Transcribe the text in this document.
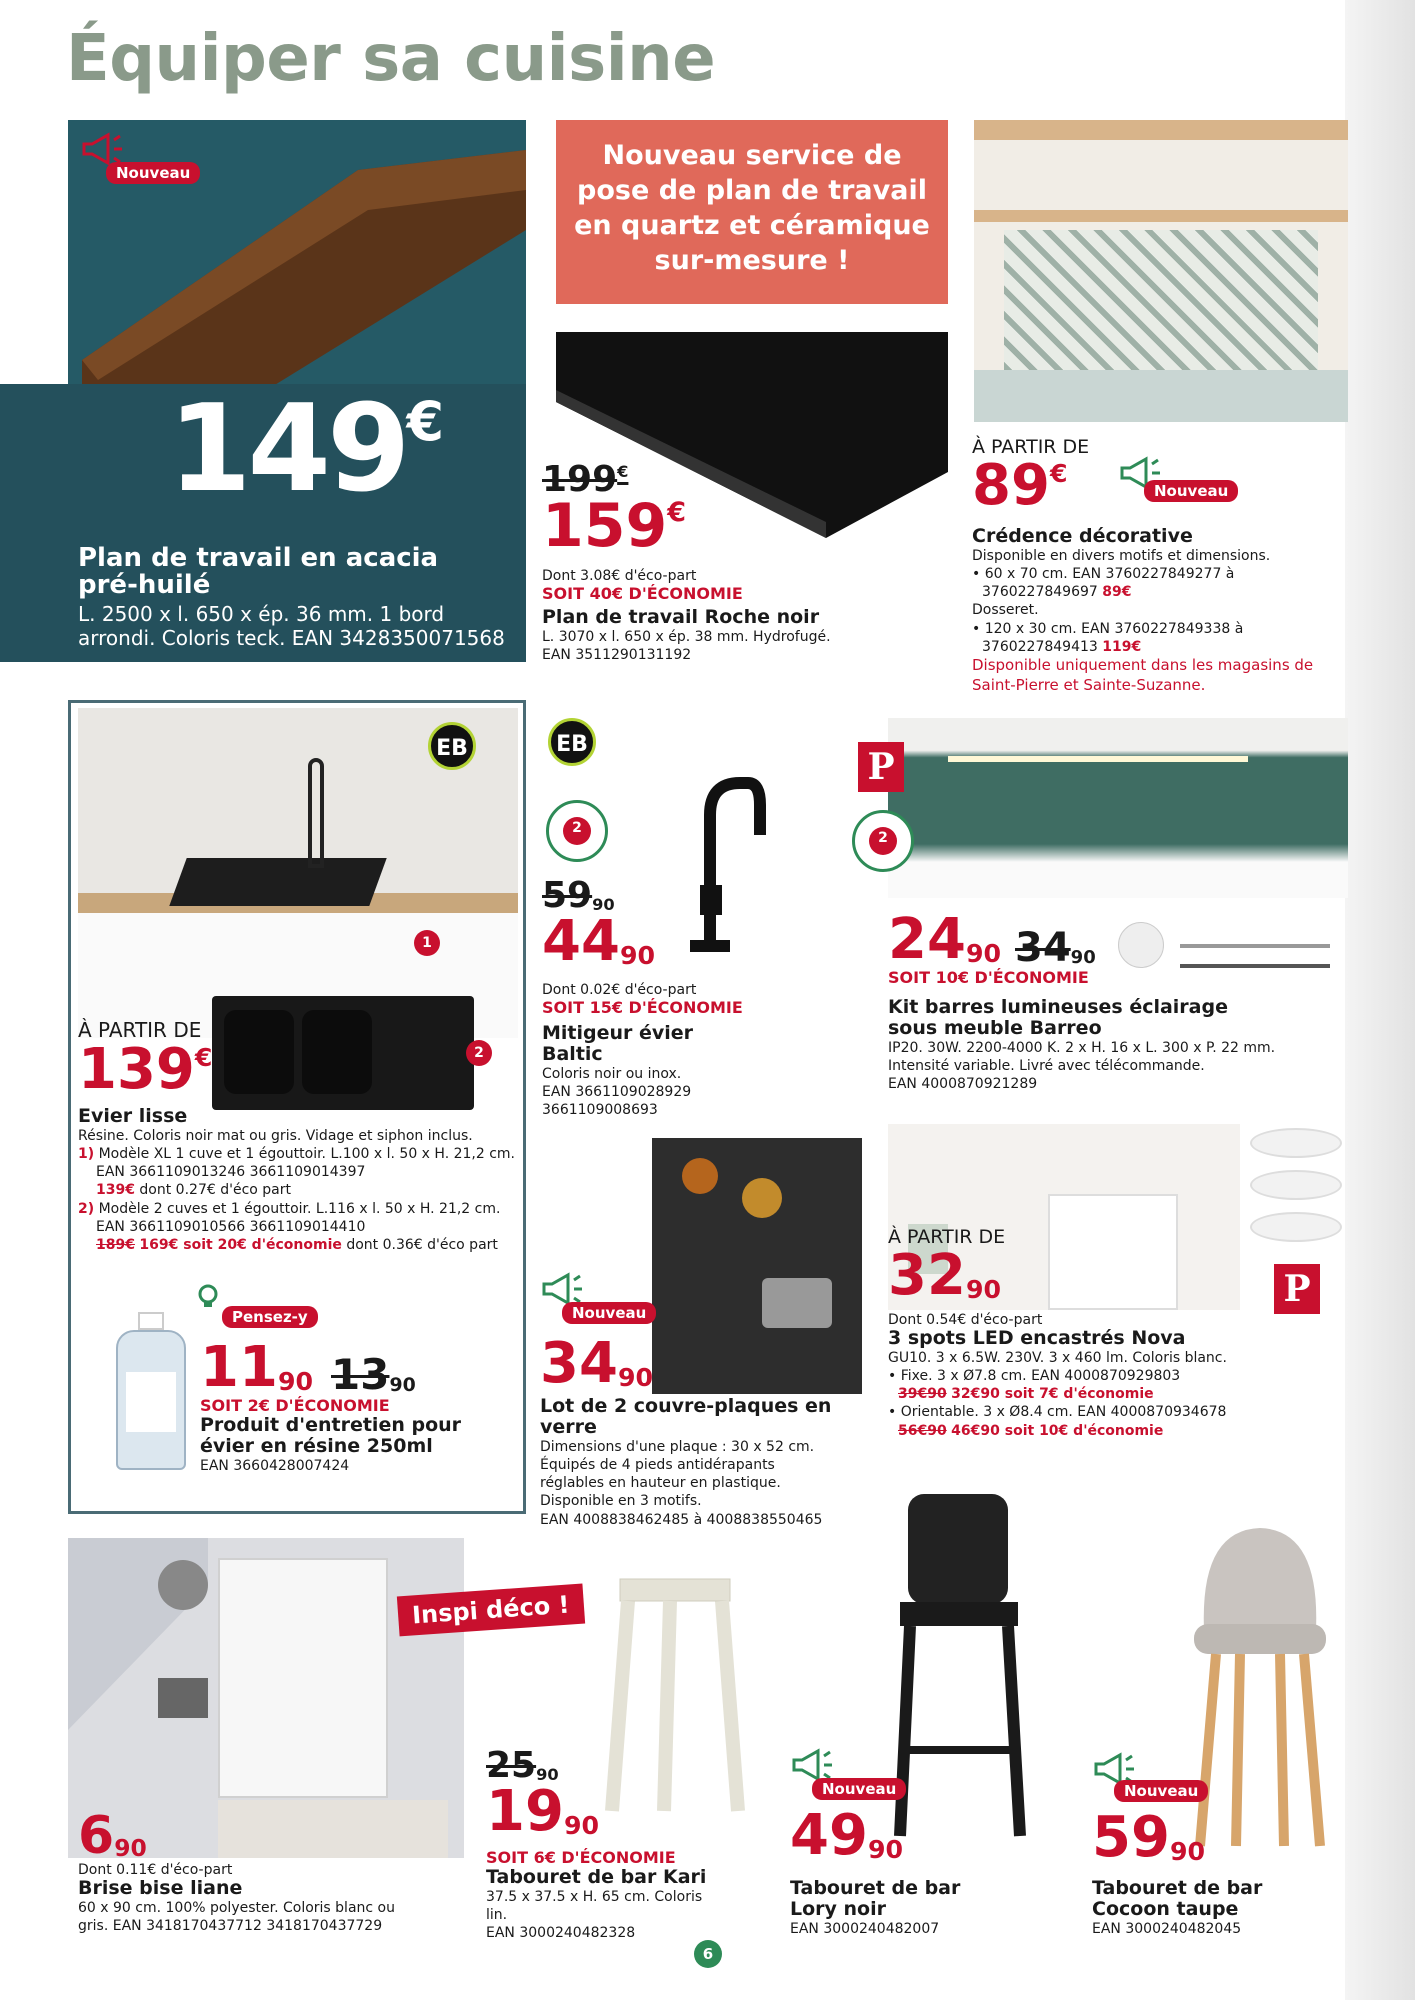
Équiper sa cuisine
Nouveau
149€
Plan de travail en acacia
pré-huilé
L. 2500 x l. 650 x ép. 36 mm. 1 bord
arrondi. Coloris teck. EAN 3428350071568
Nouveau service de
pose de plan de travail
en quartz et céramique
sur-mesure !
199€
159€
Dont 3.08€ d'éco-part
SOIT 40€ D'ÉCONOMIE
Plan de travail Roche noir
L. 3070 x l. 650 x ép. 38 mm. Hydrofugé.
EAN 3511290131192
À PARTIR DE
89€
Nouveau
Crédence décorative
Disponible en divers motifs et dimensions.
• 60 x 70 cm. EAN 3760227849277 à
3760227849697 89€
Dosseret.
• 120 x 30 cm. EAN 3760227849338 à
3760227849413 119€
Disponible uniquement dans les magasins de
Saint-Pierre et Sainte-Suzanne.
EB
1
2
À PARTIR DE
139€
Evier lisse
Résine. Coloris noir mat ou gris. Vidage et siphon inclus.
1) Modèle XL 1 cuve et 1 égouttoir. L.100 x l. 50 x H. 21,2 cm.
EAN 3661109013246 3661109014397
139€ dont 0.27€ d'éco part
2) Modèle 2 cuves et 1 égouttoir. L.116 x l. 50 x H. 21,2 cm.
EAN 3661109010566 3661109014410
189€ 169€ soit 20€ d'économie dont 0.36€ d'éco part
Pensez-y
1190 1390
SOIT 2€ D'ÉCONOMIE
Produit d'entretien pour
évier en résine 250ml
EAN 3660428007424
EB
2
5990
4490
Dont 0.02€ d'éco-part
SOIT 15€ D'ÉCONOMIE
Mitigeur évier Baltic
Coloris noir ou inox.
EAN 3661109028929
3661109008693
P
2
2490 3490
SOIT 10€ D'ÉCONOMIE
Kit barres lumineuses éclairage
sous meuble Barreo
IP20. 30W. 2200-4000 K. 2 x H. 16 x L. 300 x P. 22 mm.
Intensité variable. Livré avec télécommande.
EAN 4000870921289
Nouveau
3490
Lot de 2 couvre-plaques en verre
Dimensions d'une plaque : 30 x 52 cm.
Équipés de 4 pieds antidérapants
réglables en hauteur en plastique.
Disponible en 3 motifs.
EAN 4008838462485 à 4008838550465
P
À PARTIR DE
3290
Dont 0.54€ d'éco-part
3 spots LED encastrés Nova
GU10. 3 x 6.5W. 230V. 3 x 460 lm. Coloris blanc.
• Fixe. 3 x Ø7.8 cm. EAN 4000870929803
39€90 32€90 soit 7€ d'économie
• Orientable. 3 x Ø8.4 cm. EAN 4000870934678
56€90 46€90 soit 10€ d'économie
690
Dont 0.11€ d'éco-part
Brise bise liane
60 x 90 cm. 100% polyester. Coloris blanc ou
gris. EAN 3418170437712 3418170437729
Inspi déco !
2590
1990
SOIT 6€ D'ÉCONOMIE
Tabouret de bar Kari
37.5 x 37.5 x H. 65 cm. Coloris lin.
EAN 3000240482328
Nouveau
4990
Tabouret de bar
Lory noir
EAN 3000240482007
Nouveau
5990
Tabouret de bar
Cocoon taupe
EAN 3000240482045
6
